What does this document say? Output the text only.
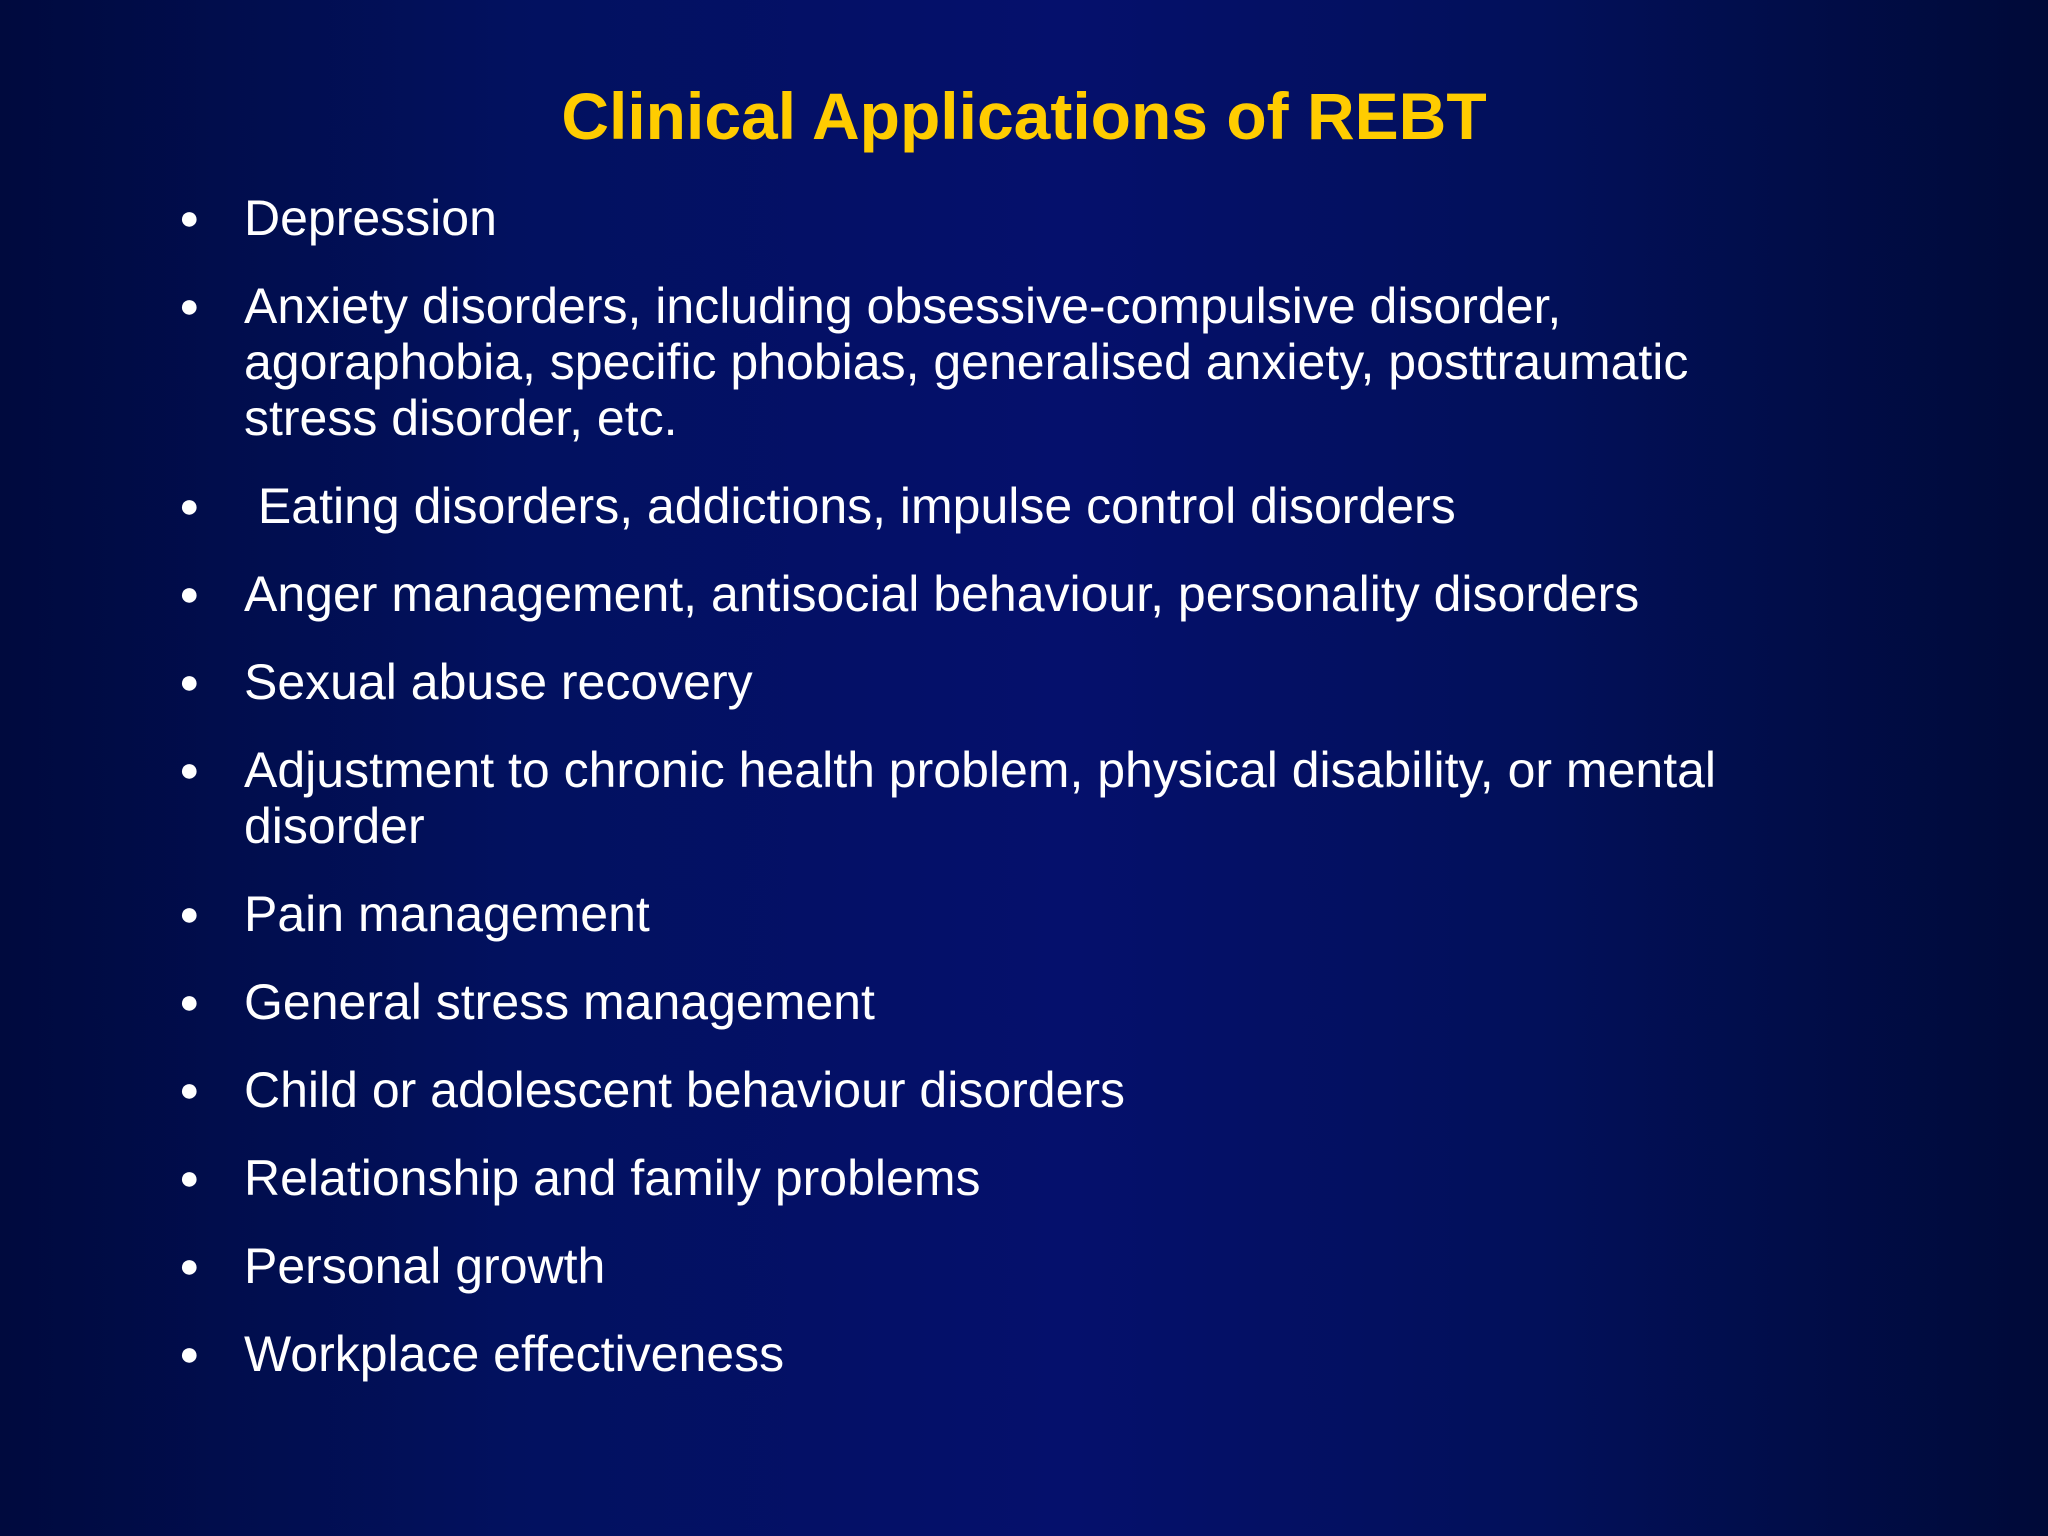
Clinical Applications of REBT
● Depression
● Anxiety disorders, including obsessive-compulsive disorder, agoraphobia, specific phobias, generalised anxiety, posttraumatic stress disorder, etc.
● Eating disorders, addictions, impulse control disorders
● Anger management, antisocial behaviour, personality disorders
● Sexual abuse recovery
● Adjustment to chronic health problem, physical disability, or mental disorder
● Pain management
● General stress management
● Child or adolescent behaviour disorders
● Relationship and family problems
● Personal growth
● Workplace effectiveness
